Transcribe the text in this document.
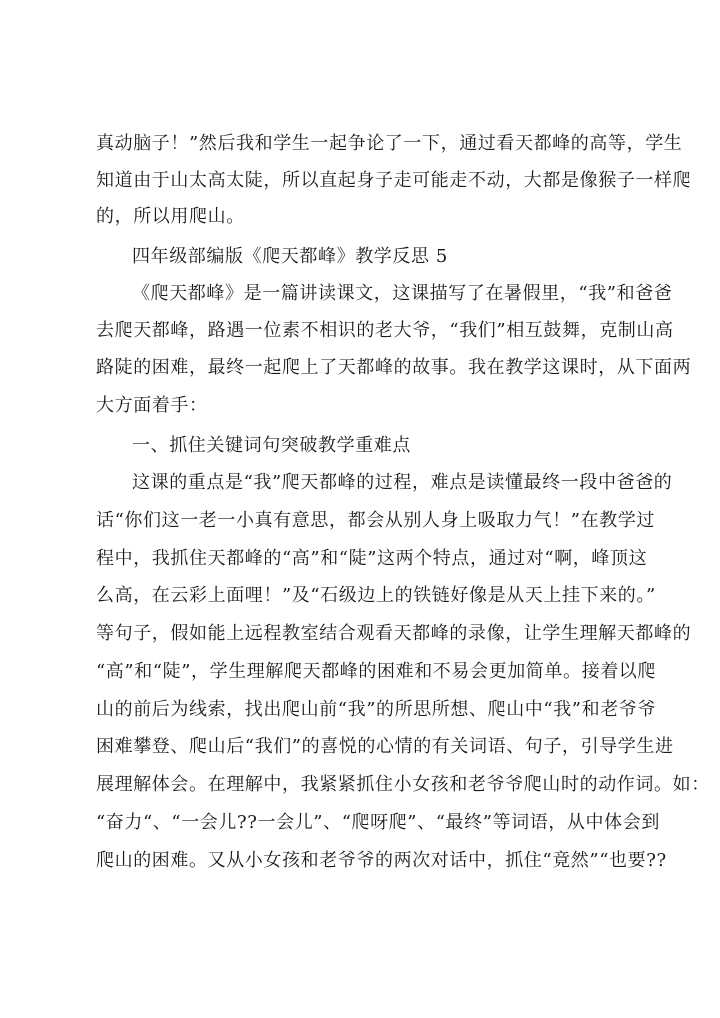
真动脑子！”然后我和学生一起争论了一下，通过看天都峰的高等，学生
知道由于山太高太陡，所以直起身子走可能走不动，大都是像猴子一样爬
的，所以用爬山。
四年级部编版《爬天都峰》教学反思 5
《爬天都峰》是一篇讲读课文，这课描写了在暑假里，“我”和爸爸
去爬天都峰，路遇一位素不相识的老大爷，“我们”相互鼓舞，克制山高
路陡的困难，最终一起爬上了天都峰的故事。我在教学这课时，从下面两
大方面着手：
一、抓住关键词句突破教学重难点
这课的重点是“我”爬天都峰的过程，难点是读懂最终一段中爸爸的
话“你们这一老一小真有意思，都会从别人身上吸取力气！”在教学过
程中，我抓住天都峰的“高”和“陡”这两个特点，通过对“啊，峰顶这
么高，在云彩上面哩！”及“石级边上的铁链好像是从天上挂下来的。”
等句子，假如能上远程教室结合观看天都峰的录像，让学生理解天都峰的
“高”和“陡”，学生理解爬天都峰的困难和不易会更加简单。接着以爬
山的前后为线索，找出爬山前“我”的所思所想、爬山中“我”和老爷爷
困难攀登、爬山后“我们”的喜悦的心情的有关词语、句子，引导学生进
展理解体会。在理解中，我紧紧抓住小女孩和老爷爷爬山时的动作词。如：
“奋力“、“一会儿??一会儿”、“爬呀爬”、“最终”等词语，从中体会到
爬山的困难。又从小女孩和老爷爷的两次对话中，抓住“竟然”“也要??
